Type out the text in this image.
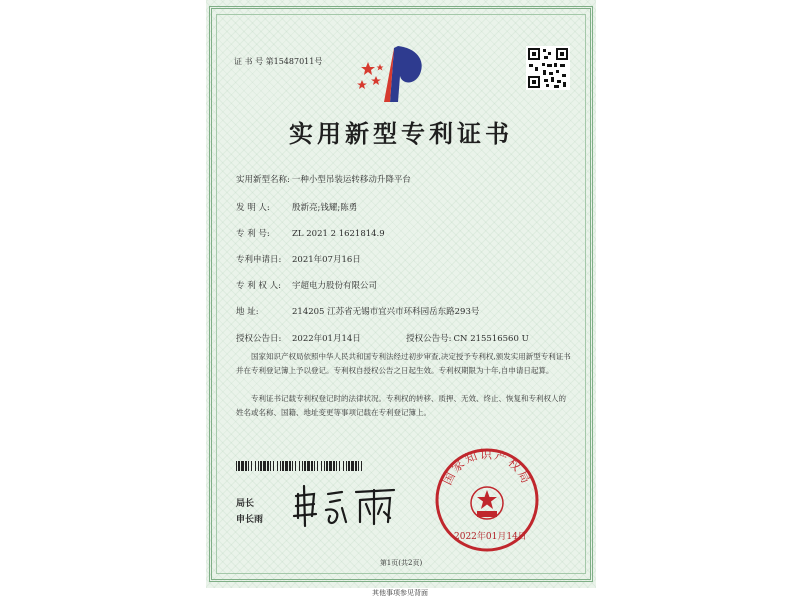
证 书 号 第15487011号
实用新型专利证书
实用新型名称: 一种小型吊装运转移动升降平台
发 明 人:	殷新亮;钱耀;陈勇
专 利 号:	ZL 2021 2 1621814.9
专利申请日: 2021年07月16日
专 利 权 人: 宇超电力股份有限公司
地 址:	214205 江苏省无锡市宜兴市环科园岳东路293号
授权公告日: 2022年01月14日	授权公告号: CN 215516560 U
国家知识产权局依照中华人民共和国专利法经过初步审查,决定授予专利权,颁发实用新型专利证书并在专利登记簿上予以登记。专利权自授权公告之日起生效。专利权期限为十年,自申请日起算。
专利证书记载专利权登记时的法律状况。专利权的转移、质押、无效、终止、恢复和专利权人的姓名或名称、国籍、地址变更等事项记载在专利登记簿上。
局长
申长雨
国家知识产权局
2022年01月14日
第1页(共2页)
其他事项参见背面
